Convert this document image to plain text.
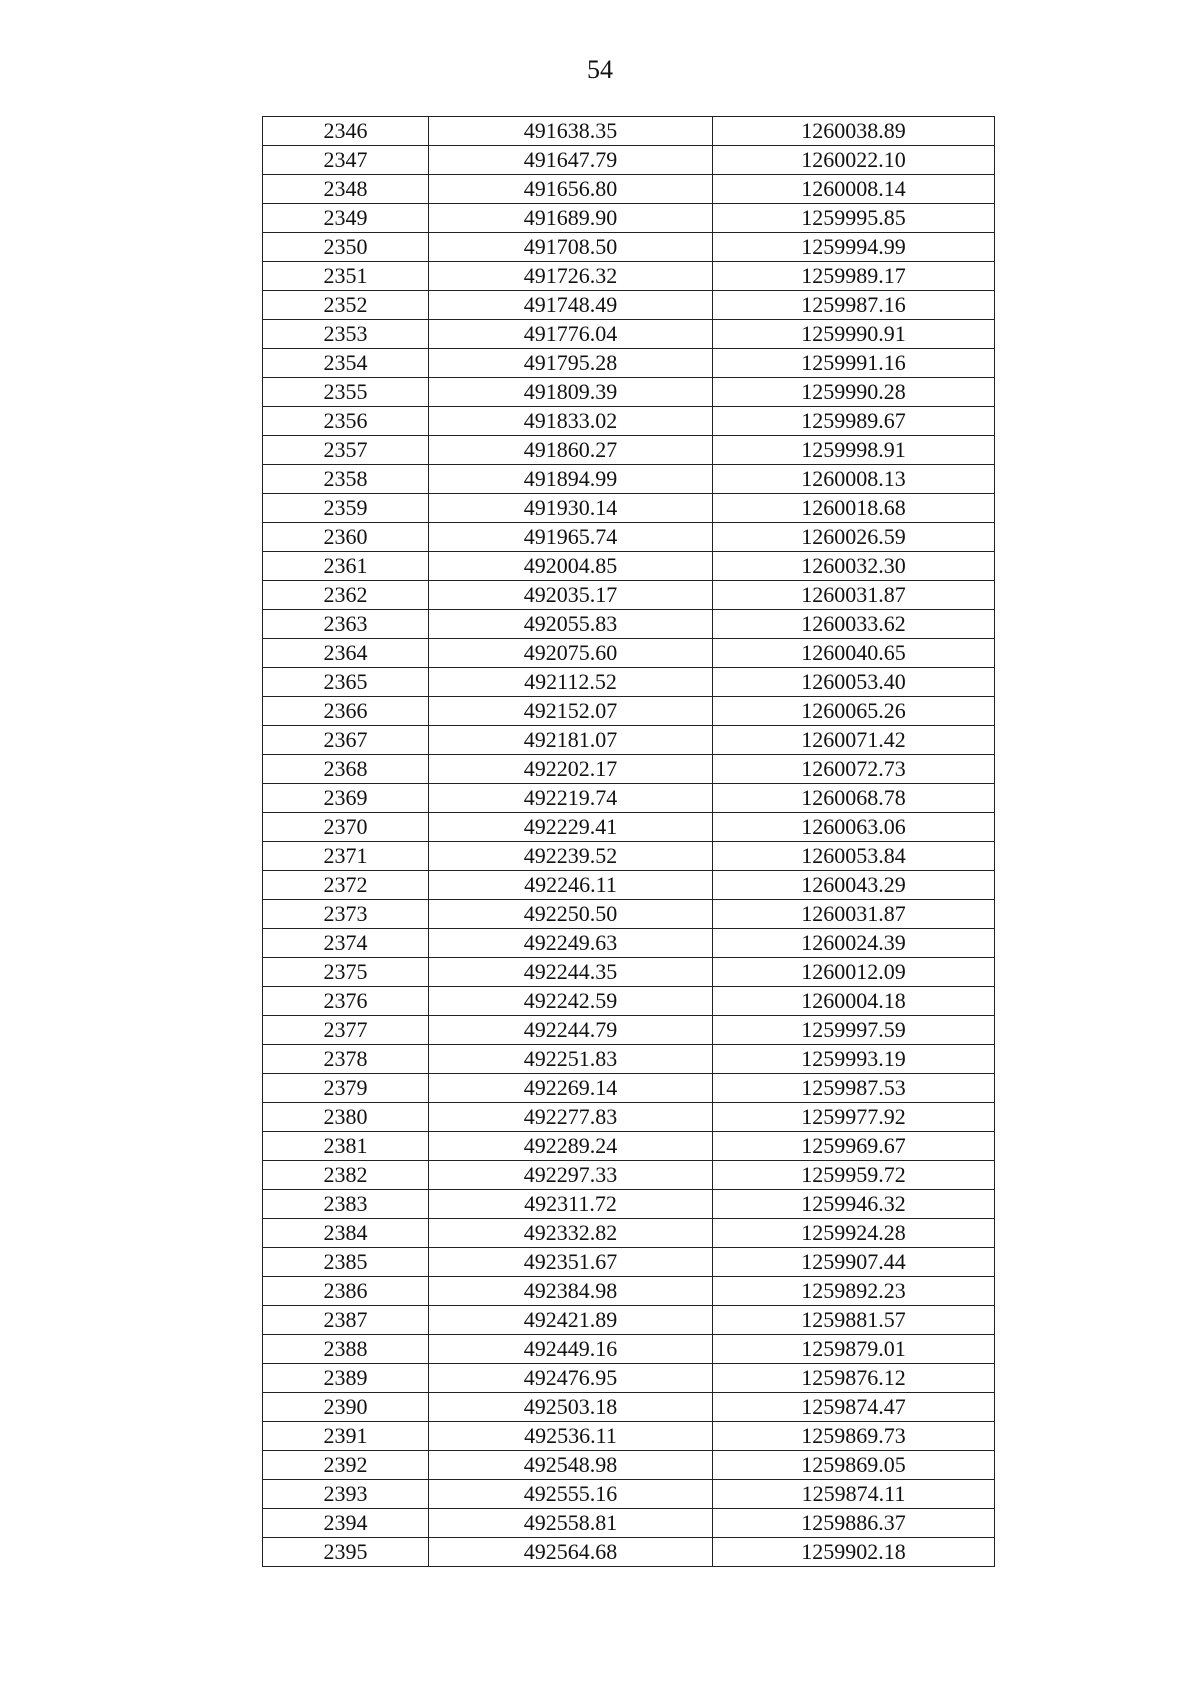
54
2346	491638.35	1260038.89
2347	491647.79	1260022.10
2348	491656.80	1260008.14
2349	491689.90	1259995.85
2350	491708.50	1259994.99
2351	491726.32	1259989.17
2352	491748.49	1259987.16
2353	491776.04	1259990.91
2354	491795.28	1259991.16
2355	491809.39	1259990.28
2356	491833.02	1259989.67
2357	491860.27	1259998.91
2358	491894.99	1260008.13
2359	491930.14	1260018.68
2360	491965.74	1260026.59
2361	492004.85	1260032.30
2362	492035.17	1260031.87
2363	492055.83	1260033.62
2364	492075.60	1260040.65
2365	492112.52	1260053.40
2366	492152.07	1260065.26
2367	492181.07	1260071.42
2368	492202.17	1260072.73
2369	492219.74	1260068.78
2370	492229.41	1260063.06
2371	492239.52	1260053.84
2372	492246.11	1260043.29
2373	492250.50	1260031.87
2374	492249.63	1260024.39
2375	492244.35	1260012.09
2376	492242.59	1260004.18
2377	492244.79	1259997.59
2378	492251.83	1259993.19
2379	492269.14	1259987.53
2380	492277.83	1259977.92
2381	492289.24	1259969.67
2382	492297.33	1259959.72
2383	492311.72	1259946.32
2384	492332.82	1259924.28
2385	492351.67	1259907.44
2386	492384.98	1259892.23
2387	492421.89	1259881.57
2388	492449.16	1259879.01
2389	492476.95	1259876.12
2390	492503.18	1259874.47
2391	492536.11	1259869.73
2392	492548.98	1259869.05
2393	492555.16	1259874.11
2394	492558.81	1259886.37
2395	492564.68	1259902.18
